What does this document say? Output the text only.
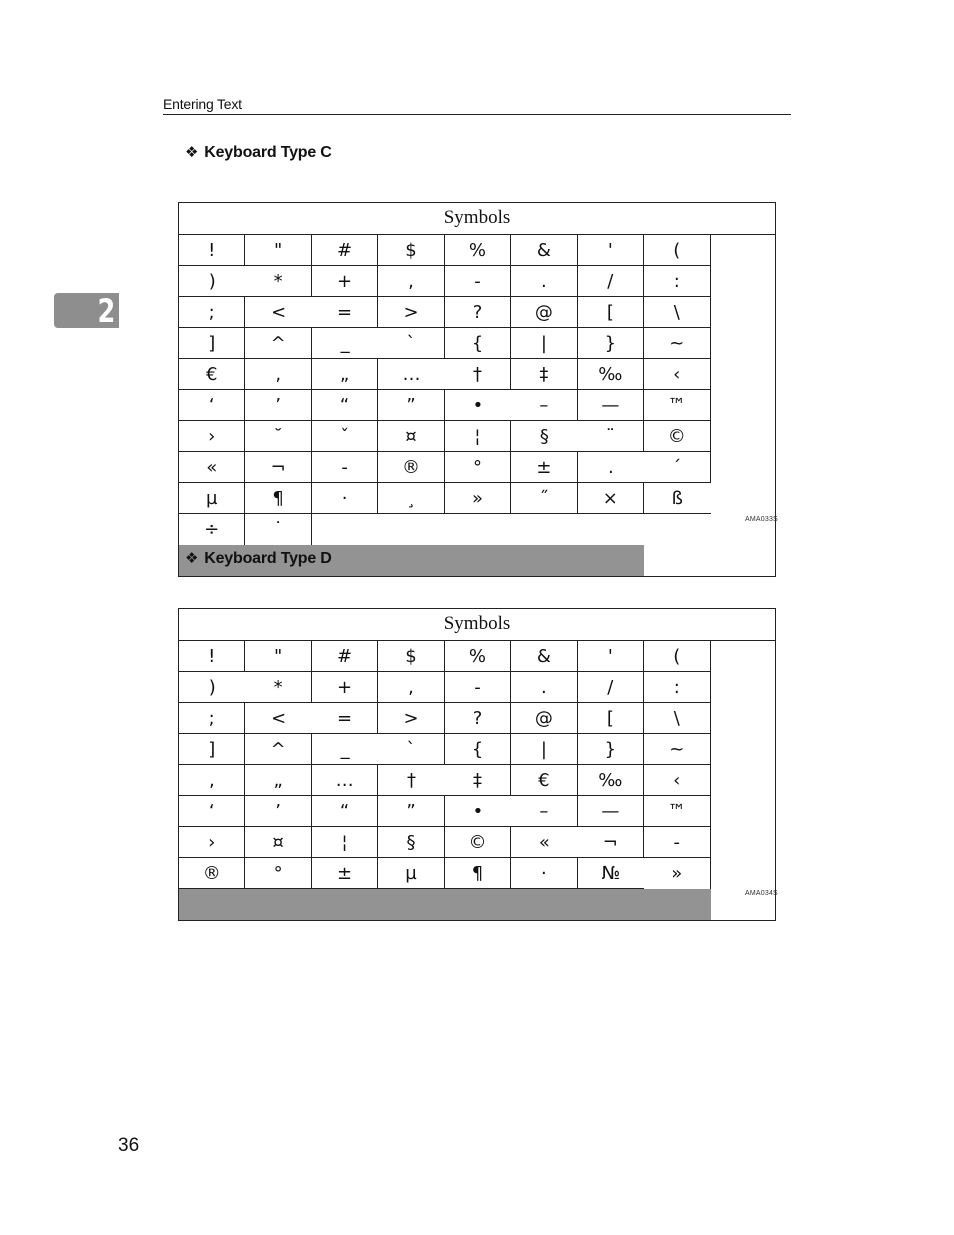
Entering Text
2
❖ Keyboard Type C
Symbols
!	"	#	$	%	&	'	(
)	*	+	,	-	.	/	:
;	<	=	>	?	@	[	\
]	^	_	`	{	|	}	~
€	‚	„	…	†	‡	‰	‹
‘	’	“	”	•	–	—	™
›	˘	ˇ	¤	¦	§	¨	©
«	¬	-	®	°	±	.	´
µ	¶	·	¸	»	˝	×	ß
÷	˙	AMA033S
❖ Keyboard Type D
Symbols
!	"	#	$	%	&	'	(
)	*	+	,	-	.	/	:
;	<	=	>	?	@	[	\
]	^	_	`	{	|	}	~
‚	„	…	†	‡	€	‰	‹
‘	’	“	”	•	–	—	™
›	¤	¦	§	©	«	¬	-
®	°	±	µ	¶	·	№	»
AMA034S
36
